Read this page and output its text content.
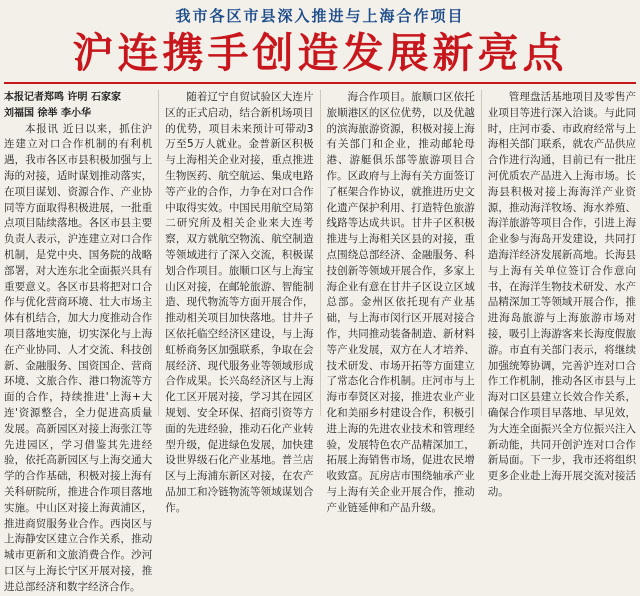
我市各区市县深入推进与上海合作项目
沪连携手创造发展新亮点
本报记者郑鸣 许明 石家家
刘福国 徐举 李小华

本报讯 近日以来，抓住沪连建立对口合作机制的有利机遇，我市各区市县积极加强与上海的对接，适时谋划推动落实，在项目谋划、资源合作、产业协同等方面取得积极进展，一批重点项目陆续落地。各区市县主要负责人表示，沪连建立对口合作机制，是党中央、国务院的战略部署，对大连东北全面振兴具有重要意义。各区市县将把对口合作与优化营商环境、壮大市场主体有机结合，加大力度推动合作项目落地实施，切实深化与上海在产业协同、人才交流、科技创新、金融服务、国资国企、营商环境、文旅合作、港口物流等方面的合作，持续推进'上海+大连'资源整合，全力促进高质量发展。高新园区对接上海张江等先进园区，学习借鉴其先进经验，依托高新园区与上海交通大学的合作基础，积极对接上海有关科研院所，推进合作项目落地实施。中山区对接上海黄浦区，推进商贸服务业合作。西岗区与上海静安区建立合作关系，推动城市更新和文旅消费合作。沙河口区与上海长宁区开展对接，推进总部经济和数字经济合作。

随着辽宁自贸试验区大连片区的正式启动，结合新机场项目的优势，项目未来预计可带动3万至5万人就业。金普新区积极与上海相关企业对接，重点推进生物医药、航空航运、集成电路等产业的合作，力争在对口合作中取得实效。中国民用航空局第二研究所及相关企业来大连考察，双方就航空物流、航空制造等领域进行了深入交流，积极谋划合作项目。旅顺口区与上海宝山区对接，在邮轮旅游、智能制造、现代物流等方面开展合作，推动相关项目加快落地。甘井子区依托临空经济区建设，与上海虹桥商务区加强联系，争取在会展经济、现代服务业等领域形成合作成果。长兴岛经济区与上海化工区开展对接，学习其在园区规划、安全环保、招商引资等方面的先进经验，推动石化产业转型升级，促进绿色发展，加快建设世界级石化产业基地。普兰店区与上海浦东新区对接，在农产品加工和冷链物流等领域谋划合作。

海合作项目。旅顺口区依托旅顺港区的区位优势，以及优越的滨海旅游资源，积极对接上海有关部门和企业，推动邮轮母港、游艇俱乐部等旅游项目合作。区政府与上海有关方面签订了框架合作协议，就推进历史文化遗产保护利用、打造特色旅游线路等达成共识。甘井子区积极推进与上海相关区县的对接，重点围绕总部经济、金融服务、科技创新等领域开展合作，多家上海企业有意在甘井子区设立区域总部。金州区依托现有产业基础，与上海市闵行区开展对接合作，共同推动装备制造、新材料等产业发展，双方在人才培养、技术研发、市场开拓等方面建立了常态化合作机制。庄河市与上海市奉贤区对接，推进农业产业化和美丽乡村建设合作，积极引进上海的先进农业技术和管理经验，发展特色农产品精深加工，拓展上海销售市场，促进农民增收致富。瓦房店市围绕轴承产业与上海有关企业开展合作，推动产业链延伸和产品升级。

管理盘活基地项目及零售产业项目等进行深入洽谈。与此同时，庄河市委、市政府经常与上海相关部门联系，就农产品供应合作进行沟通，目前已有一批庄河优质农产品进入上海市场。长海县积极对接上海海洋产业资源，推动海洋牧场、海水养殖、海洋旅游等项目合作，引进上海企业参与海岛开发建设，共同打造海洋经济发展新高地。长海县与上海有关单位签订合作意向书，在海洋生物技术研发、水产品精深加工等领域开展合作，推进海岛旅游与上海旅游市场对接，吸引上海游客来长海度假旅游。市直有关部门表示，将继续加强统筹协调，完善沪连对口合作工作机制，推动各区市县与上海对口区县建立长效合作关系，确保合作项目早落地、早见效，为大连全面振兴全方位振兴注入新动能，共同开创沪连对口合作新局面。下一步，我市还将组织更多企业赴上海开展交流对接活动。
